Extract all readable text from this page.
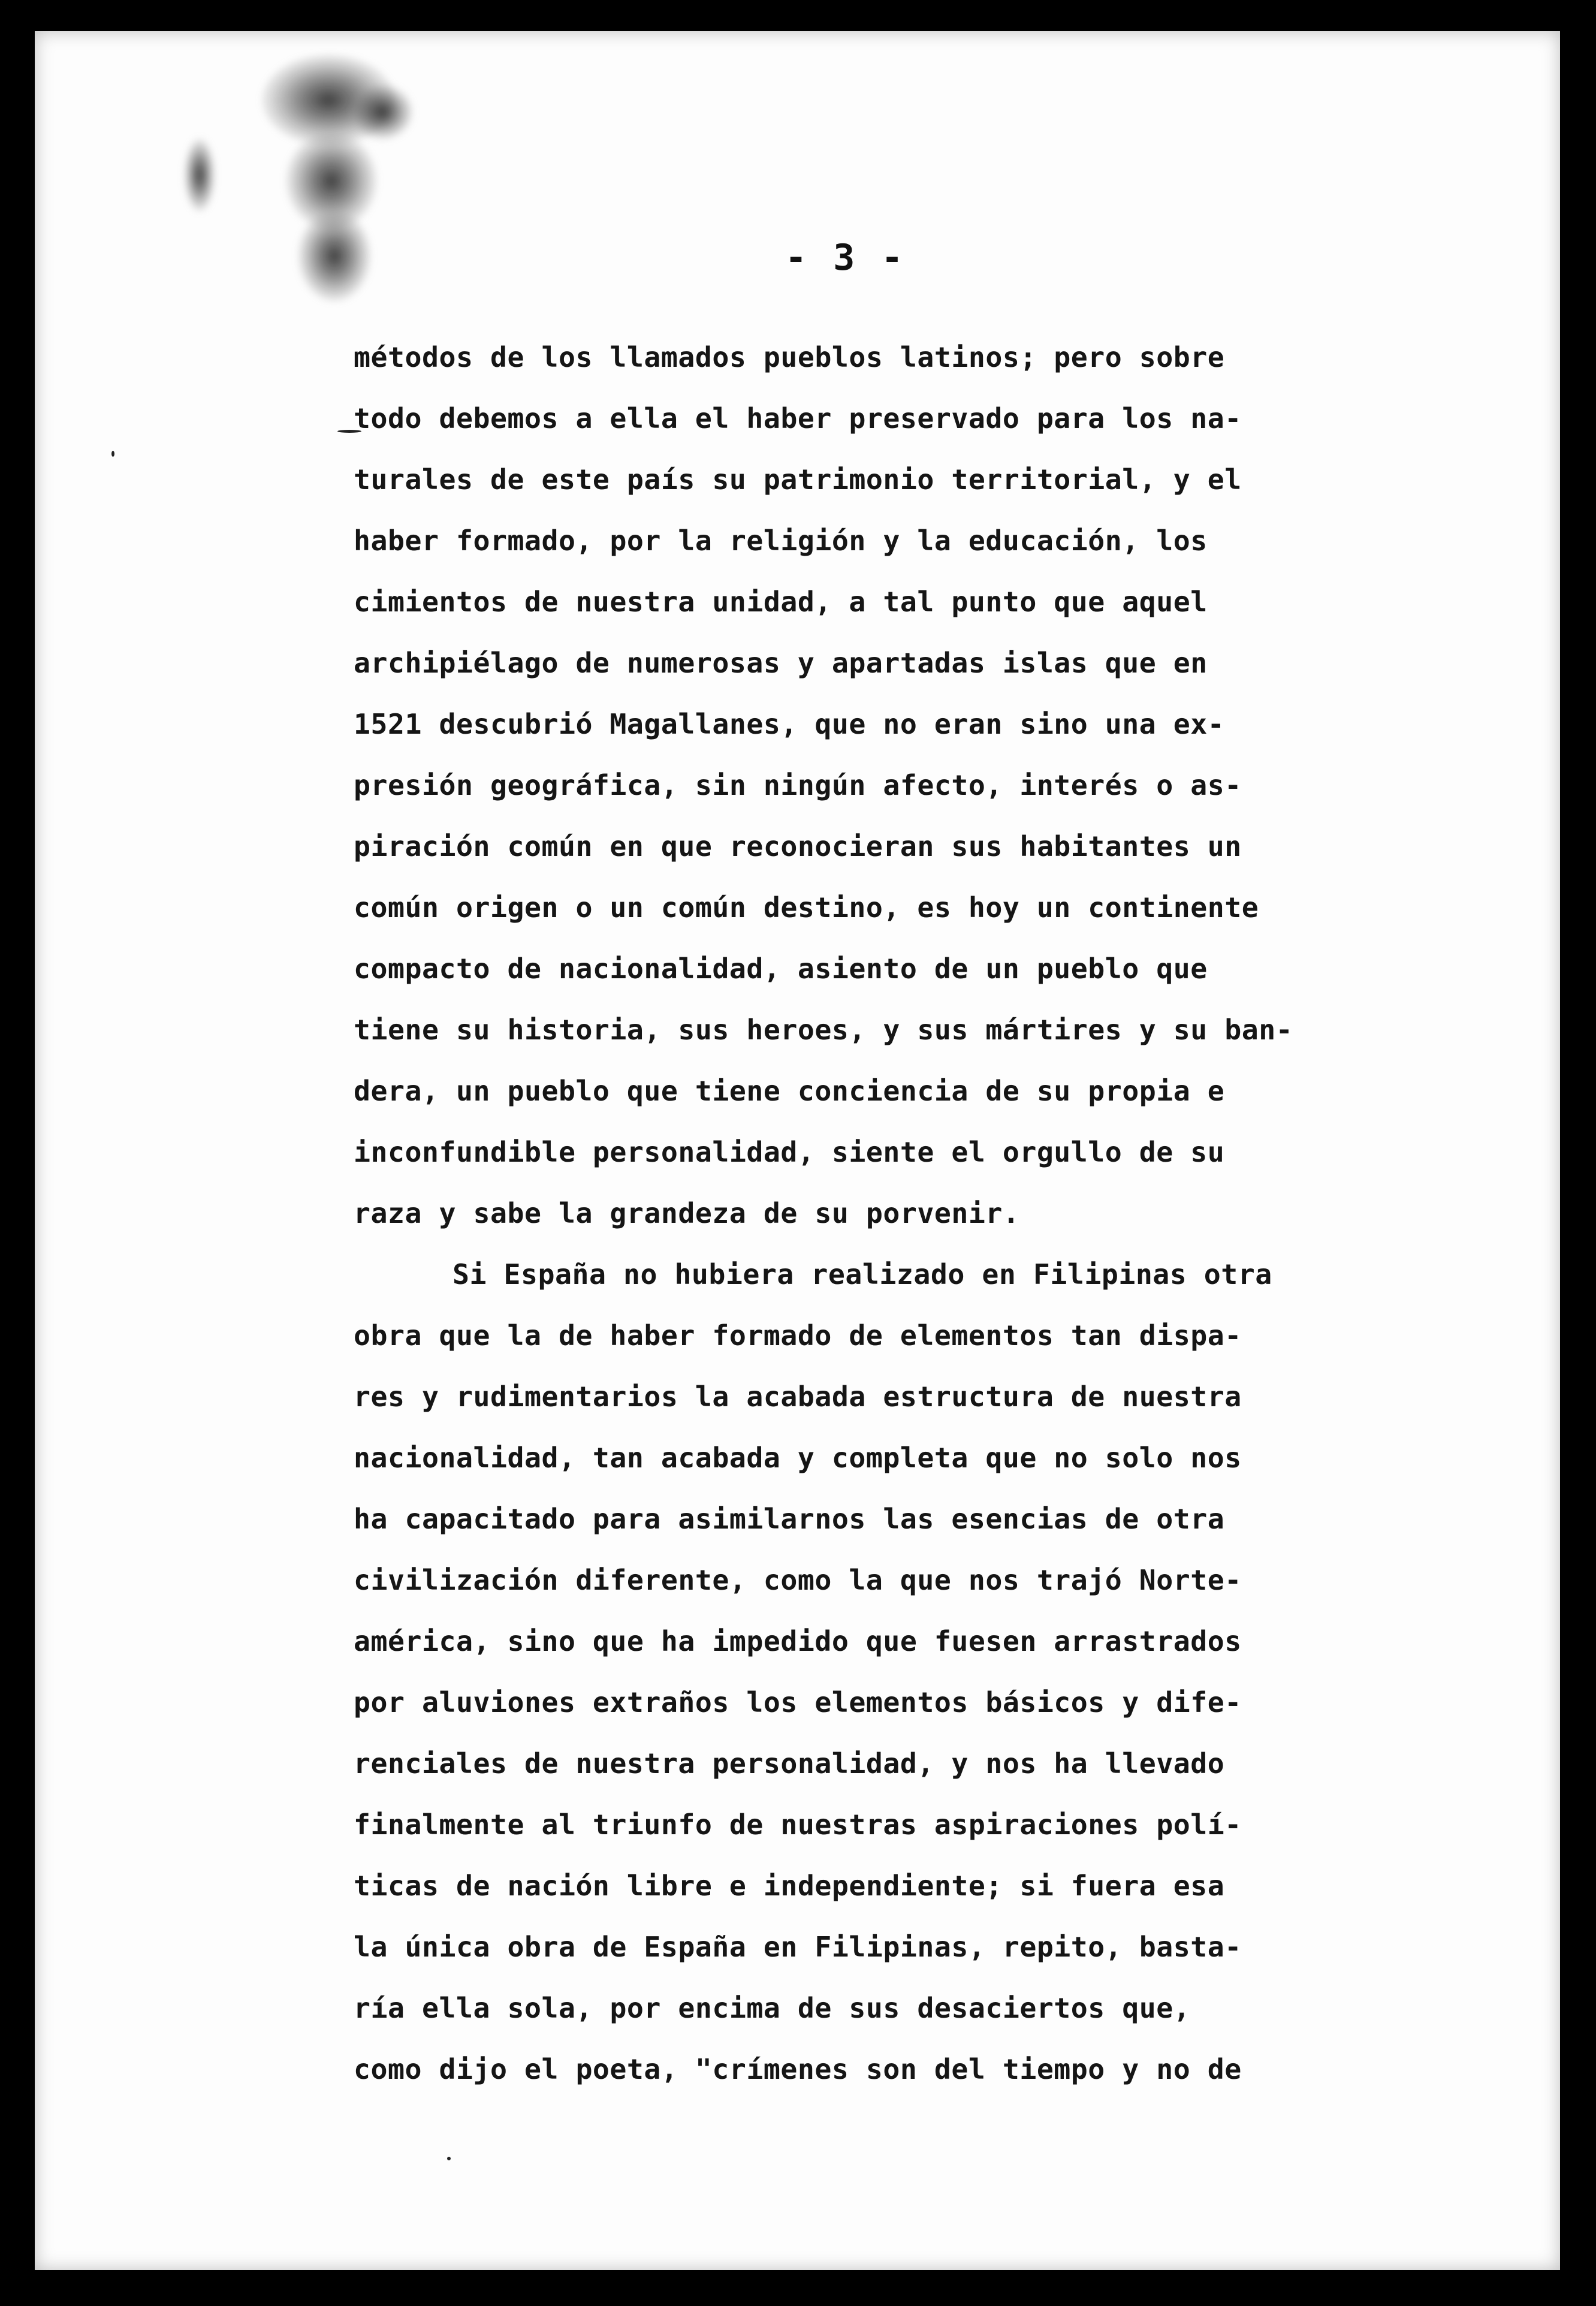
- 3 -
métodos de los llamados pueblos latinos; pero sobre
todo debemos a ella el haber preservado para los na-
turales de este país su patrimonio territorial, y el
haber formado, por la religión y la educación, los
cimientos de nuestra unidad, a tal punto que aquel
archipiélago de numerosas y apartadas islas que en
1521 descubrió Magallanes, que no eran sino una ex-
presión geográfica, sin ningún afecto, interés o as-
piración común en que reconocieran sus habitantes un
común origen o un común destino, es hoy un continente
compacto de nacionalidad, asiento de un pueblo que
tiene su historia, sus heroes, y sus mártires y su ban-
dera, un pueblo que tiene conciencia de su propia e
inconfundible personalidad, siente el orgullo de su
raza y sabe la grandeza de su porvenir.
Si España no hubiera realizado en Filipinas otra
obra que la de haber formado de elementos tan dispa-
res y rudimentarios la acabada estructura de nuestra
nacionalidad, tan acabada y completa que no solo nos
ha capacitado para asimilarnos las esencias de otra
civilización diferente, como la que nos trajó Norte-
américa, sino que ha impedido que fuesen arrastrados
por aluviones extraños los elementos básicos y dife-
renciales de nuestra personalidad, y nos ha llevado
finalmente al triunfo de nuestras aspiraciones polí-
ticas de nación libre e independiente; si fuera esa
la única obra de España en Filipinas, repito, basta-
ría ella sola, por encima de sus desaciertos que,
como dijo el poeta, "crímenes son del tiempo y no de
